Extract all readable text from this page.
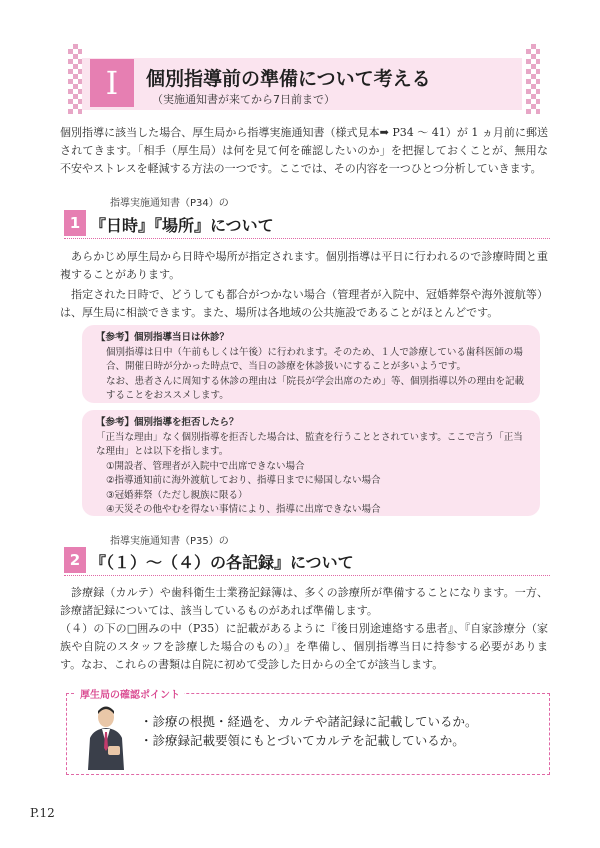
I	個別指導前の準備について考える
（実施通知書が来てから7日前まで）

個別指導に該当した場合、厚生局から指導実施通知書（様式見本➡ P34 〜 41）が 1 ヵ月前に郵送されてきます。「相手（厚生局）は何を見て何を確認したいのか」を把握しておくことが、無用な不安やストレスを軽減する方法の一つです。ここでは、その内容を一つひとつ分析していきます。

指導実施通知書（P34）の
1 『日時』『場所』について

あらかじめ厚生局から日時や場所が指定されます。個別指導は平日に行われるので診療時間と重複することがあります。

指定された日時で、どうしても都合がつかない場合（管理者が入院中、冠婚葬祭や海外渡航等）は、厚生局に相談できます。また、場所は各地域の公共施設であることがほとんどです。

【参考】個別指導当日は休診？

個別指導は日中（午前もしくは午後）に行われます。そのため、１人で診療している歯科医師の場合、開催日時が分かった時点で、当日の診療を休診扱いにすることが多いようです。

なお、患者さんに周知する休診の理由は「院長が学会出席のため」等、個別指導以外の理由を記載することをおススメします。

【参考】個別指導を拒否したら？

「正当な理由」なく個別指導を拒否した場合は、監査を行うこととされています。ここで言う「正当な理由」とは以下を指します。

①開設者、管理者が入院中で出席できない場合

②指導通知前に海外渡航しており、指導日までに帰国しない場合

③冠婚葬祭（ただし親族に限る）

④天災その他やむを得ない事情により、指導に出席できない場合

指導実施通知書（P35）の
2 『（１）〜（４）の各記録』について

診療録（カルテ）や歯科衛生士業務記録簿は、多くの診療所が準備することになります。一方、診療諸記録については、該当しているものがあれば準備します。

（４）の下の□囲みの中（P35）に記載があるように『後日別途連絡する患者』、『自家診療分（家族や自院のスタッフを診療した場合のもの）』を準備し、個別指導当日に持参する必要があります。なお、これらの書類は自院に初めて受診した日からの全てが該当します。

厚生局の確認ポイント
・診療の根拠・経過を、カルテや諸記録に記載しているか。
・診療録記載要領にもとづいてカルテを記載しているか。
P.12
